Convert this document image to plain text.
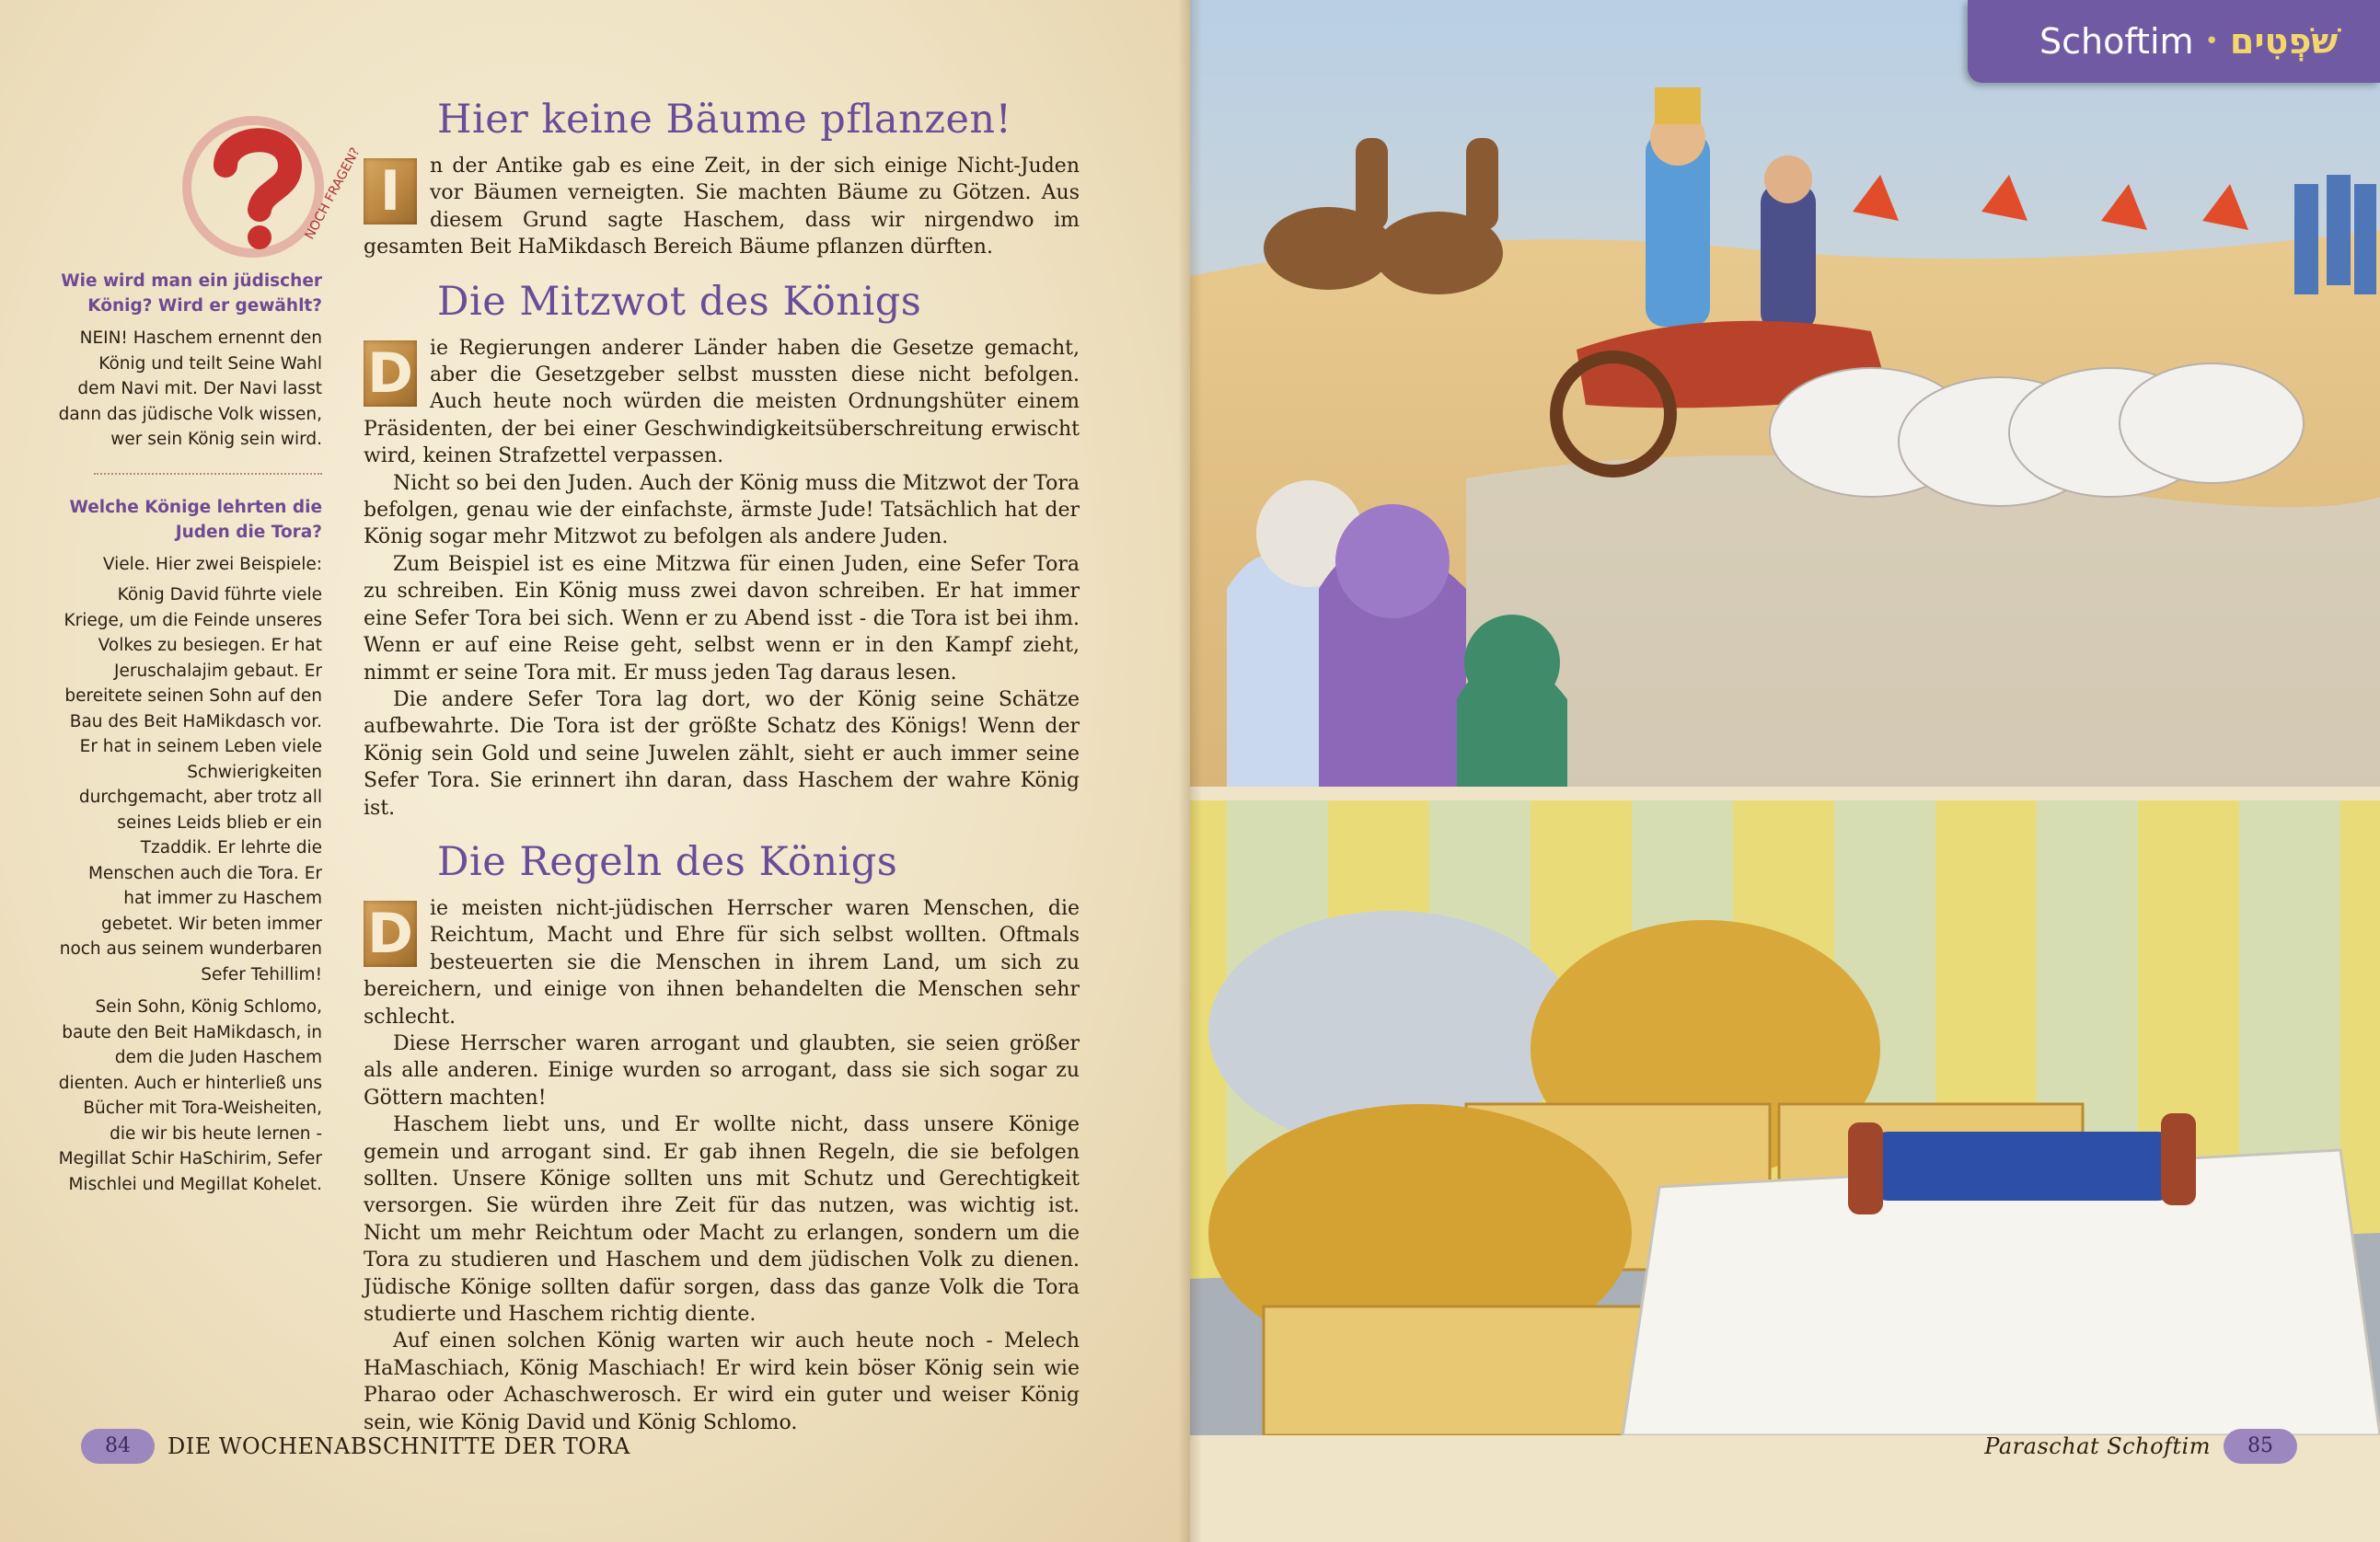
NOCH FRAGEN?

Wie wird man ein jüdischer König? Wird er gewählt?

NEIN! Haschem ernennt den König und teilt Seine Wahl dem Navi mit. Der Navi lasst dann das jüdische Volk wissen, wer sein König sein wird.

Welche Könige lehrten die Juden die Tora?

Viele. Hier zwei Beispiele:

König David führte viele Kriege, um die Feinde unseres Volkes zu besiegen. Er hat Jeruschalajim gebaut. Er bereitete seinen Sohn auf den Bau des Beit HaMikdasch vor. Er hat in seinem Leben viele Schwierigkeiten durchgemacht, aber trotz all seines Leids blieb er ein Tzaddik. Er lehrte die Menschen auch die Tora. Er hat immer zu Haschem gebetet. Wir beten immer noch aus seinem wunderbaren Sefer Tehillim!

Sein Sohn, König Schlomo, baute den Beit HaMikdasch, in dem die Juden Haschem dienten. Auch er hinterließ uns Bücher mit Tora-Weisheiten, die wir bis heute lernen - Megillat Schir HaSchirim, Sefer Mischlei und Megillat Kohelet.

Hier keine Bäume pflanzen!
I	n der Antike gab es eine Zeit, in der sich einige Nicht-Juden vor Bäumen verneigten. Sie machten Bäume zu Götzen. Aus diesem Grund sagte Haschem, dass wir nirgendwo im gesamten Beit HaMikdasch Bereich Bäume pflanzen dürften.

Die Mitzwot des Königs
D ie Regierungen anderer Länder haben die Gesetze gemacht, aber die Gesetzgeber selbst mussten diese nicht befolgen. Auch heute noch würden die meisten Ordnungshüter einem Präsidenten, der bei einer Geschwindigkeitsüberschreitung erwischt wird, keinen Strafzettel verpassen.

Nicht so bei den Juden. Auch der König muss die Mitzwot der Tora befolgen, genau wie der einfachste, ärmste Jude! Tatsächlich hat der König sogar mehr Mitzwot zu befolgen als andere Juden.

Zum Beispiel ist es eine Mitzwa für einen Juden, eine Sefer Tora zu schreiben. Ein König muss zwei davon schreiben. Er hat immer eine Sefer Tora bei sich. Wenn er zu Abend isst - die Tora ist bei ihm. Wenn er auf eine Reise geht, selbst wenn er in den Kampf zieht, nimmt er seine Tora mit. Er muss jeden Tag daraus lesen.

Die andere Sefer Tora lag dort, wo der König seine Schätze aufbewahrte. Die Tora ist der größte Schatz des Königs! Wenn der König sein Gold und seine Juwelen zählt, sieht er auch immer seine Sefer Tora. Sie erinnert ihn daran, dass Haschem der wahre König ist.

Die Regeln des Königs
D ie meisten nicht-jüdischen Herrscher waren Menschen, die Reichtum, Macht und Ehre für sich selbst wollten. Oftmals besteuerten sie die Menschen in ihrem Land, um sich zu bereichern, und einige von ihnen behandelten die Menschen sehr schlecht.

Diese Herrscher waren arrogant und glaubten, sie seien größer als alle anderen. Einige wurden so arrogant, dass sie sich sogar zu Göttern machten!

Haschem liebt uns, und Er wollte nicht, dass unsere Könige gemein und arrogant sind. Er gab ihnen Regeln, die sie befolgen sollten. Unsere Könige sollten uns mit Schutz und Gerechtigkeit versorgen. Sie würden ihre Zeit für das nutzen, was wichtig ist. Nicht um mehr Reichtum oder Macht zu erlangen, sondern um die Tora zu studieren und Haschem und dem jüdischen Volk zu dienen. Jüdische Könige sollten dafür sorgen, dass das ganze Volk die Tora studierte und Haschem richtig diente.

Auf einen solchen König warten wir auch heute noch - Melech HaMaschiach, König Maschiach! Er wird kein böser König sein wie Pharao oder Achaschwerosch. Er wird ein guter und weiser König sein, wie König David und König Schlomo.

84	DIE WOCHENABSCHNITTE DER TORA
Schoftim • שֹׁפְטִים
Paraschat Schoftim	85
